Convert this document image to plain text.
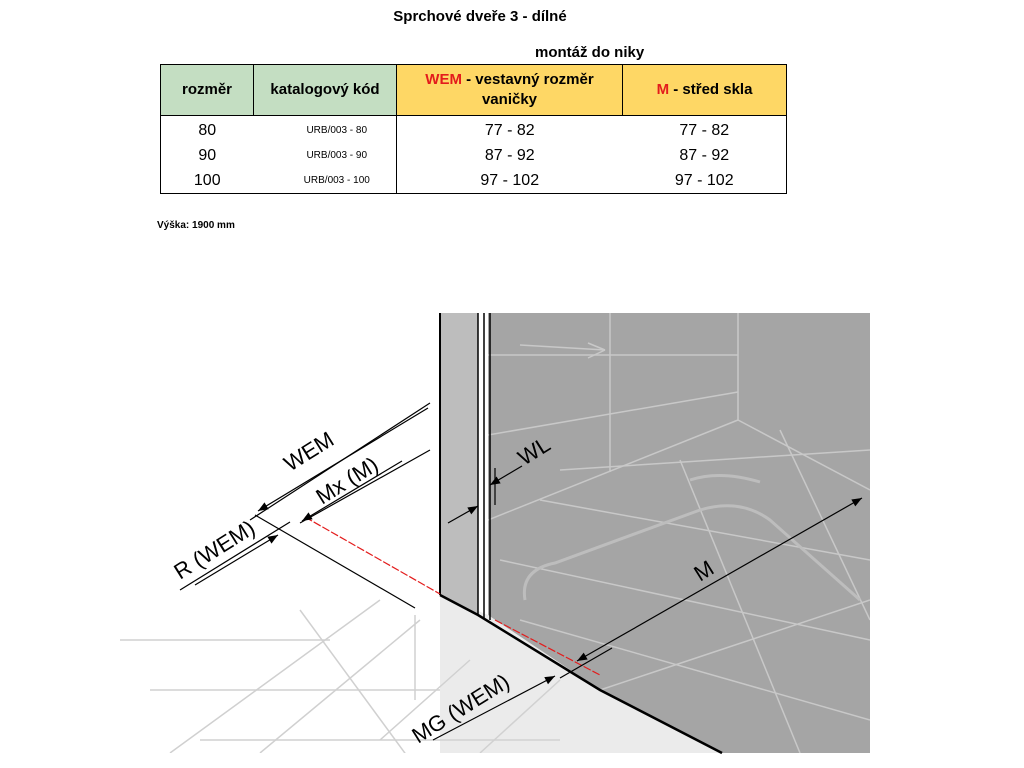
Sprchové dveře 3 - dílné
montáž do niky
rozměr	katalogový kód	WEM - vestavný rozměr vaničky	M - střed skla
80	URB/003 - 80	77 - 82	77 - 82
90	URB/003 - 90	87 - 92	87 - 92
100	URB/003 - 100	97 - 102	97 - 102
Výška: 1900 mm
WEM
Mx (M)
R (WEM)
WL
M
MG (WEM)
